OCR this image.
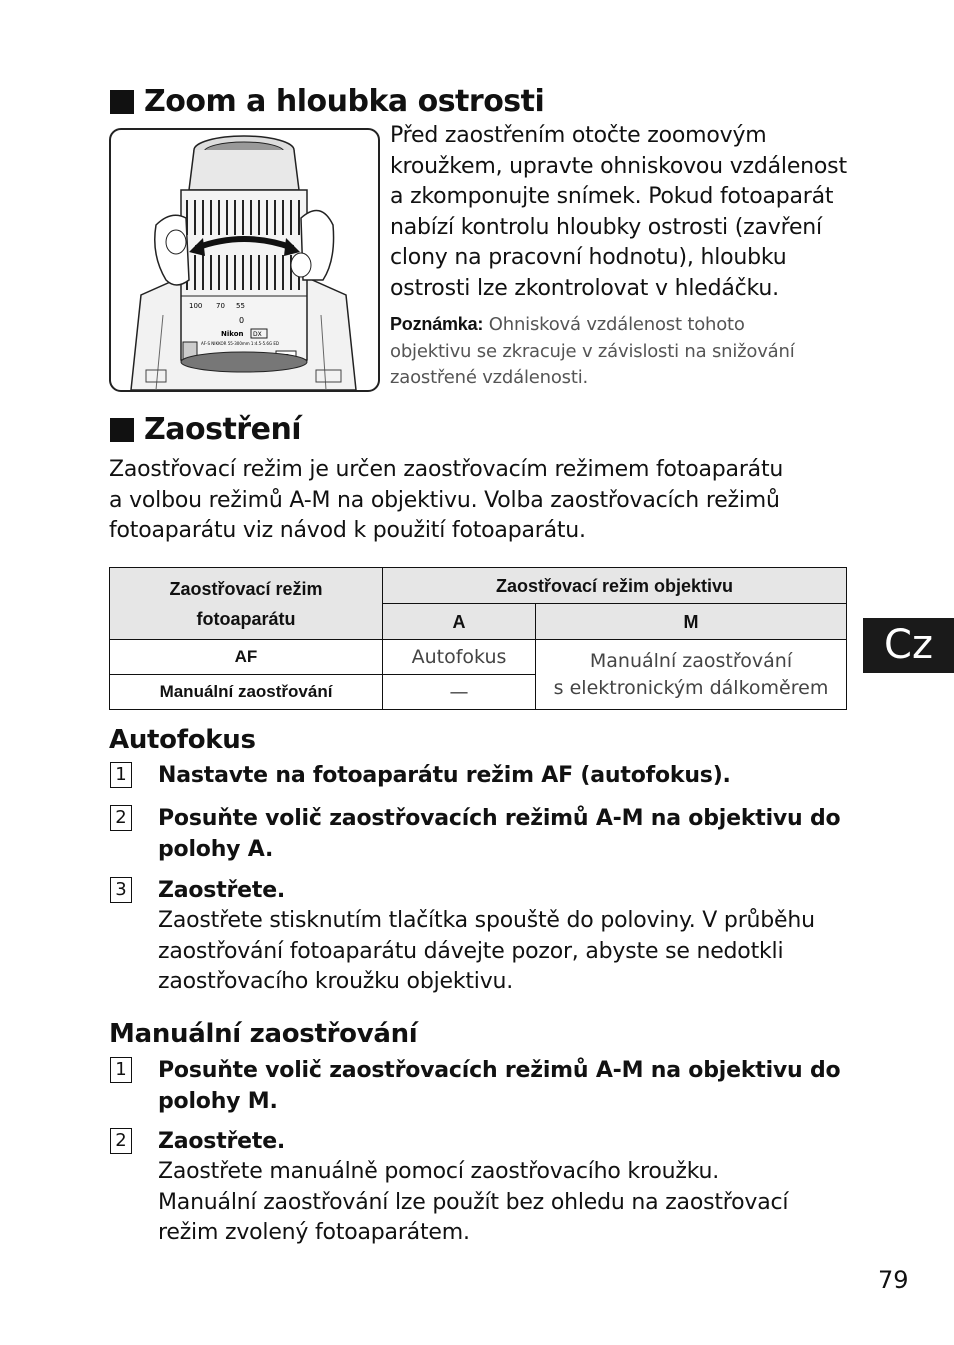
Zoom a hloubka ostrosti
100 70 55
0
Nikon DX
AF-S NIKKOR 55-300mm 1:4.5-5.6G ED
Před zaostřením otočte zoomovým
kroužkem, upravte ohniskovou vzdálenost
a zkomponujte snímek. Pokud fotoaparát
nabízí kontrolu hloubky ostrosti (zavření
clony na pracovní hodnotu), hloubku
ostrosti lze zkontrolovat v hledáčku.
Poznámka: Ohnisková vzdálenost tohoto
objektivu se zkracuje v závislosti na snižování
zaostřené vzdálenosti.
Zaostření
Zaostřovací režim je určen zaostřovacím režimem fotoaparátu
a volbou režimů A-M na objektivu. Volba zaostřovacích režimů
fotoaparátu viz návod k použití fotoaparátu.
Zaostřovací režim
fotoaparátu	Zaostřovací režim objektivu	
	A	M
AF	Autofokus	Manuální zaostřování
s elektronickým dálkoměrem

Manuální zaostřování	—	
Autofokus
1 Nastavte na fotoaparátu režim AF (autofokus).
2 Posuňte volič zaostřovacích režimů A-M na objektivu do
polohy A.
3 Zaostřete.
Zaostřete stisknutím tlačítka spouště do poloviny. V průběhu
zaostřování fotoaparátu dávejte pozor, abyste se nedotkli
zaostřovacího kroužku objektivu.
Manuální zaostřování
1 Posuňte volič zaostřovacích režimů A-M na objektivu do
polohy M.
2 Zaostřete.
Zaostřete manuálně pomocí zaostřovacího kroužku.
Manuální zaostřování lze použít bez ohledu na zaostřovací
režim zvolený fotoaparátem.
Cz
79
